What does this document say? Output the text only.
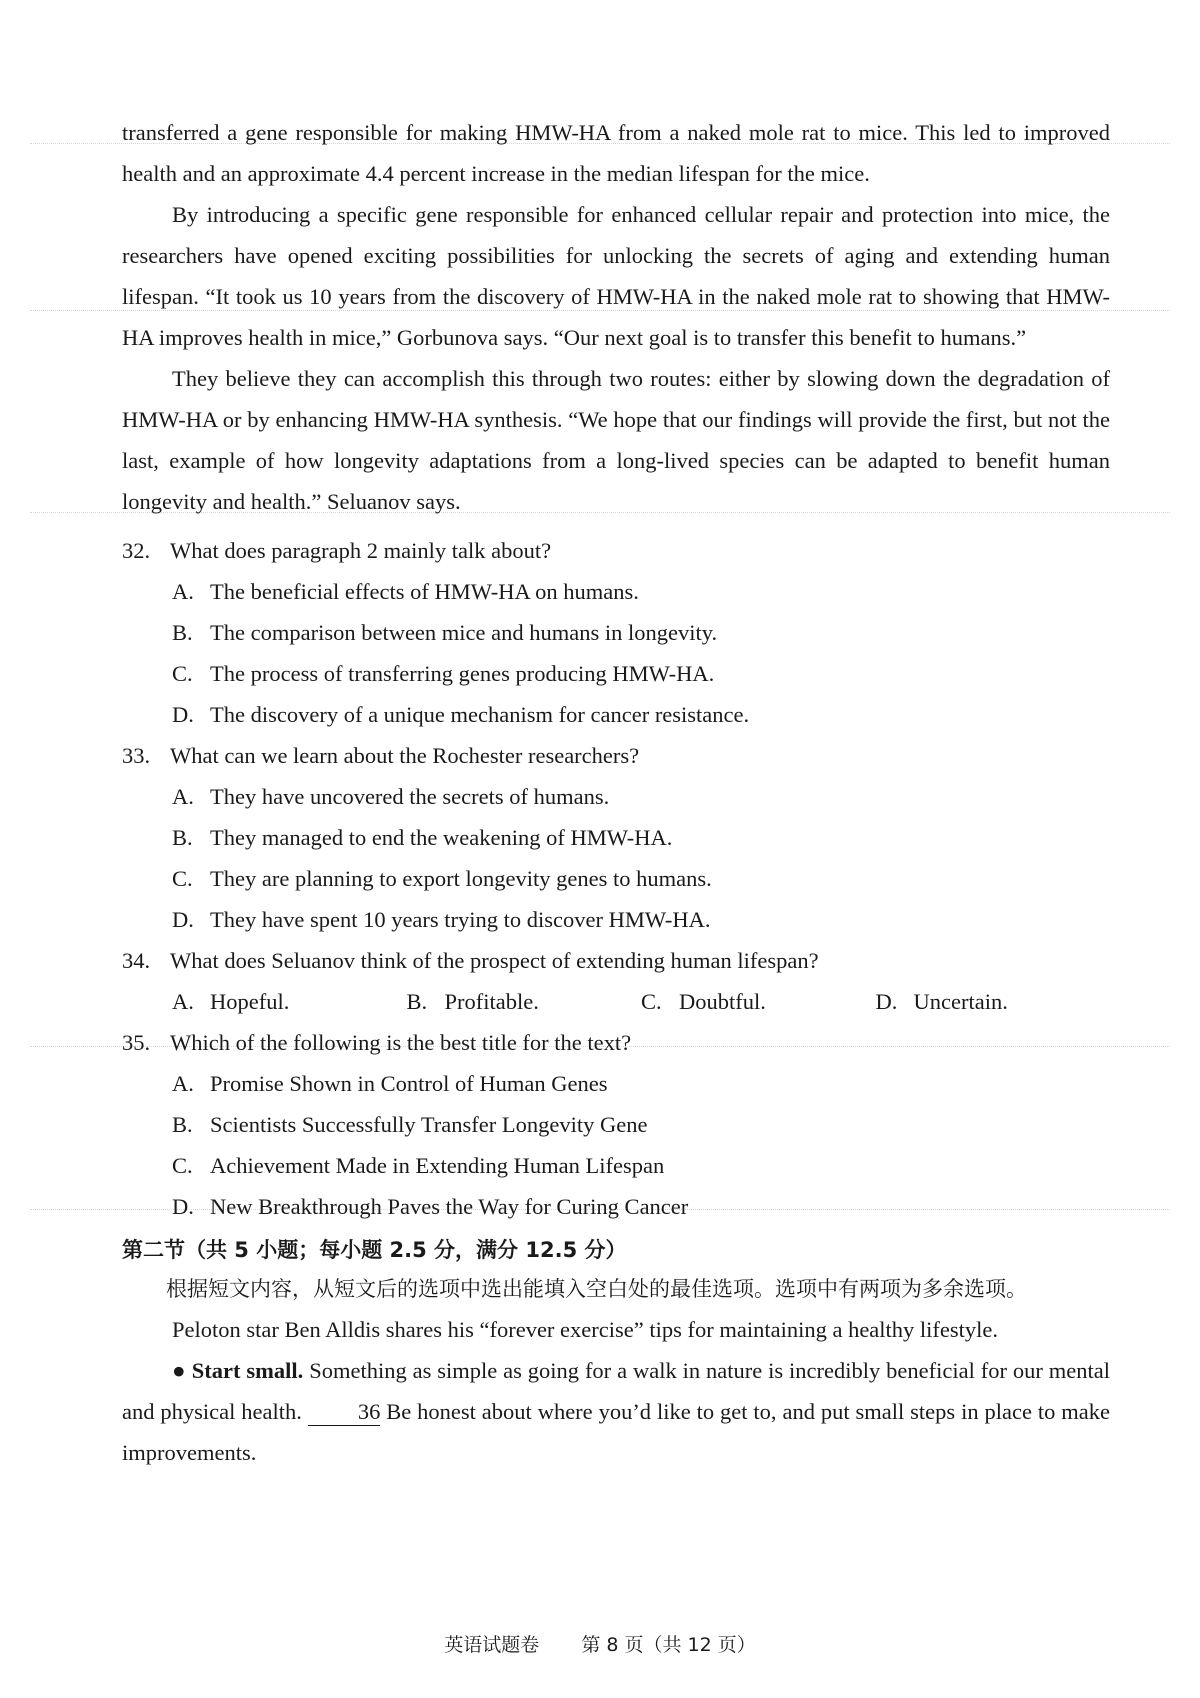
transferred a gene responsible for making HMW-HA from a naked mole rat to mice. This led to improved health and an approximate 4.4 percent increase in the median lifespan for the mice.

By introducing a specific gene responsible for enhanced cellular repair and protection into mice, the researchers have opened exciting possibilities for unlocking the secrets of aging and extending human lifespan. “It took us 10 years from the discovery of HMW-HA in the naked mole rat to showing that HMW-HA improves health in mice,” Gorbunova says. “Our next goal is to transfer this benefit to humans.”

They believe they can accomplish this through two routes: either by slowing down the degradation of HMW-HA or by enhancing HMW-HA synthesis. “We hope that our findings will provide the first, but not the last, example of how longevity adaptations from a long-lived species can be adapted to benefit human longevity and health.” Seluanov says.

32. What does paragraph 2 mainly talk about?

A. The beneficial effects of HMW-HA on humans.

B. The comparison between mice and humans in longevity.

C. The process of transferring genes producing HMW-HA.

D. The discovery of a unique mechanism for cancer resistance.

33. What can we learn about the Rochester researchers?

A. They have uncovered the secrets of humans.

B. They managed to end the weakening of HMW-HA.

C. They are planning to export longevity genes to humans.

D. They have spent 10 years trying to discover HMW-HA.

34. What does Seluanov think of the prospect of extending human lifespan?

A. Hopeful.	B. Profitable.	C. Doubtful.	D. Uncertain.

35. Which of the following is the best title for the text?

A. Promise Shown in Control of Human Genes

B. Scientists Successfully Transfer Longevity Gene

C. Achievement Made in Extending Human Lifespan

D. New Breakthrough Paves the Way for Curing Cancer

第二节（共 5 小题；每小题 2.5 分，满分 12.5 分）

根据短文内容，从短文后的选项中选出能填入空白处的最佳选项。选项中有两项为多余选项。

Peloton star Ben Alldis shares his “forever exercise” tips for maintaining a healthy lifestyle.

● Start small. Something as simple as going for a walk in nature is incredibly beneficial for our mental and physical health. 36 Be honest about where you’d like to get to, and put small steps in place to make improvements.

英语试题卷 第 8 页（共 12 页）
